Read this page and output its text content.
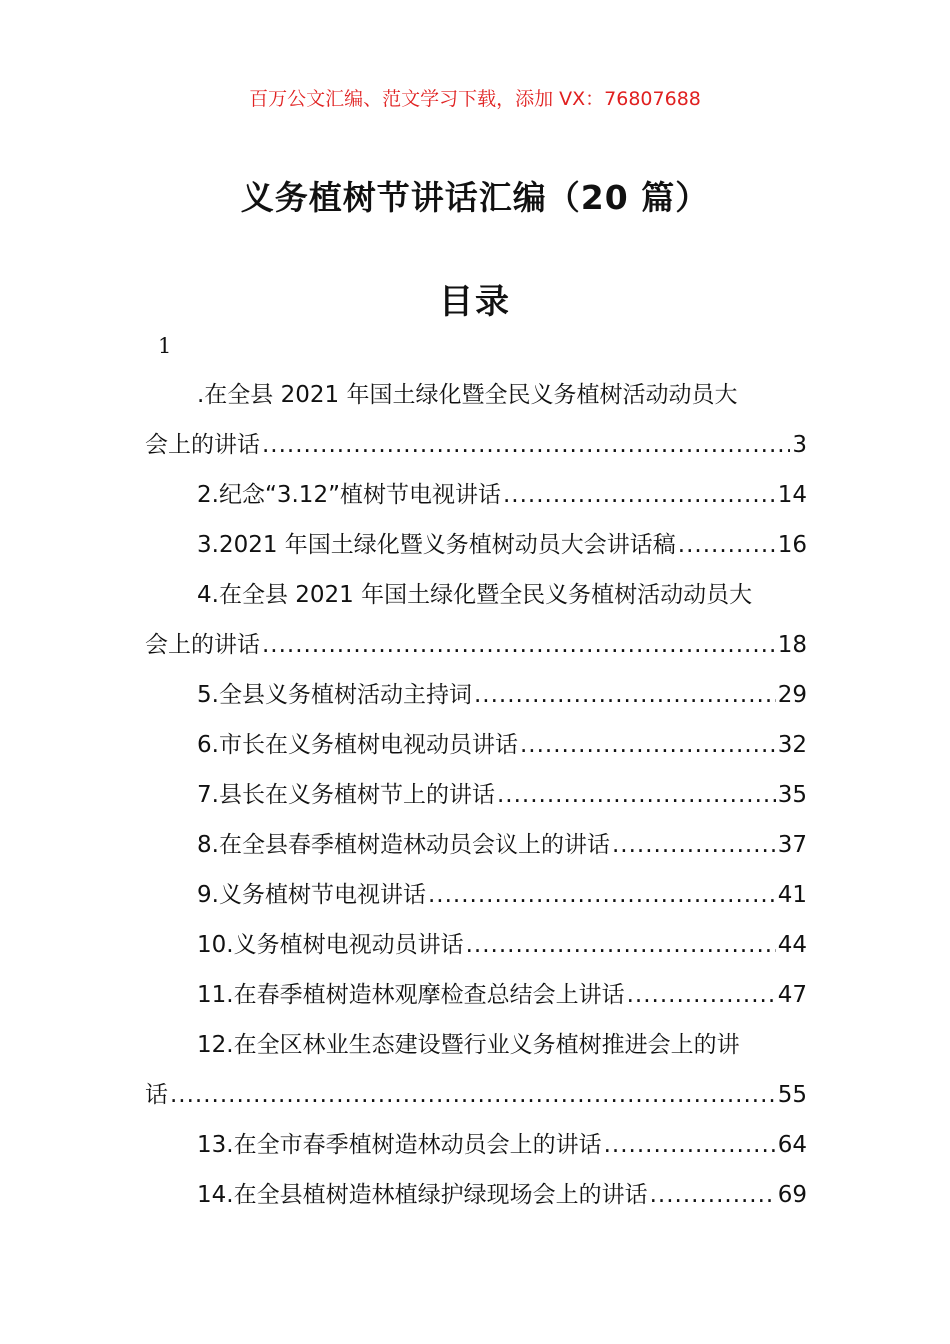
百万公文汇编、范文学习下载，添加 VX：76807688
义务植树节讲话汇编（20 篇）
目录
1
.在全县 2021 年国土绿化暨全民义务植树活动动员大
会上的讲话 .....	3
2.纪念“3.12”植树节电视讲话 .....	14
3.2021 年国土绿化暨义务植树动员大会讲话稿 .....	16
4.在全县 2021 年国土绿化暨全民义务植树活动动员大
会上的讲话 .....	18
5.全县义务植树活动主持词 .....	29
6.市长在义务植树电视动员讲话 .....	32
7.县长在义务植树节上的讲话 .....	35
8.在全县春季植树造林动员会议上的讲话 .....	37
9.义务植树节电视讲话 .....	41
10.义务植树电视动员讲话 .....	44
11.在春季植树造林观摩检查总结会上讲话 .....	47
12.在全区林业生态建设暨行业义务植树推进会上的讲
话 .....	55
13.在全市春季植树造林动员会上的讲话 .....	64
14.在全县植树造林植绿护绿现场会上的讲话 .....	69
